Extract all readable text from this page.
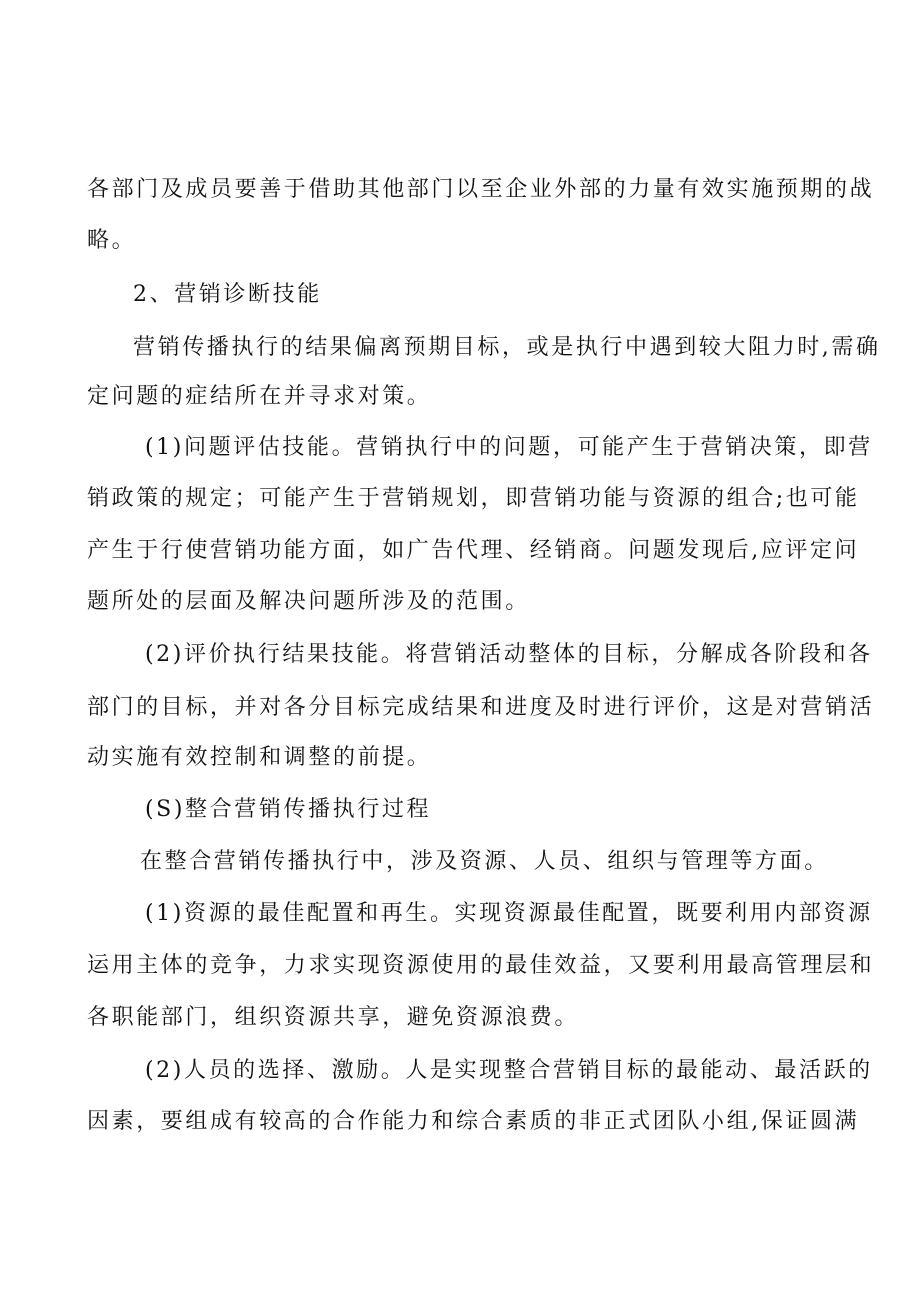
各部门及成员要善于借助其他部门以至企业外部的力量有效实施预期的战
略。
2、营销诊断技能
营销传播执行的结果偏离预期目标，或是执行中遇到较大阻力时,需确
定问题的症结所在并寻求对策。
(1)问题评估技能。营销执行中的问题，可能产生于营销决策，即营
销政策的规定；可能产生于营销规划，即营销功能与资源的组合;也可能
产生于行使营销功能方面，如广告代理、经销商。问题发现后,应评定问
题所处的层面及解决问题所涉及的范围。
(2)评价执行结果技能。将营销活动整体的目标，分解成各阶段和各
部门的目标，并对各分目标完成结果和进度及时进行评价，这是对营销活
动实施有效控制和调整的前提。
(S)整合营销传播执行过程
在整合营销传播执行中，涉及资源、人员、组织与管理等方面。
(1)资源的最佳配置和再生。实现资源最佳配置，既要利用内部资源
运用主体的竞争，力求实现资源使用的最佳效益，又要利用最高管理层和
各职能部门，组织资源共享，避免资源浪费。
(2)人员的选择、激励。人是实现整合营销目标的最能动、最活跃的
因素，要组成有较高的合作能力和综合素质的非正式团队小组,保证圆满
